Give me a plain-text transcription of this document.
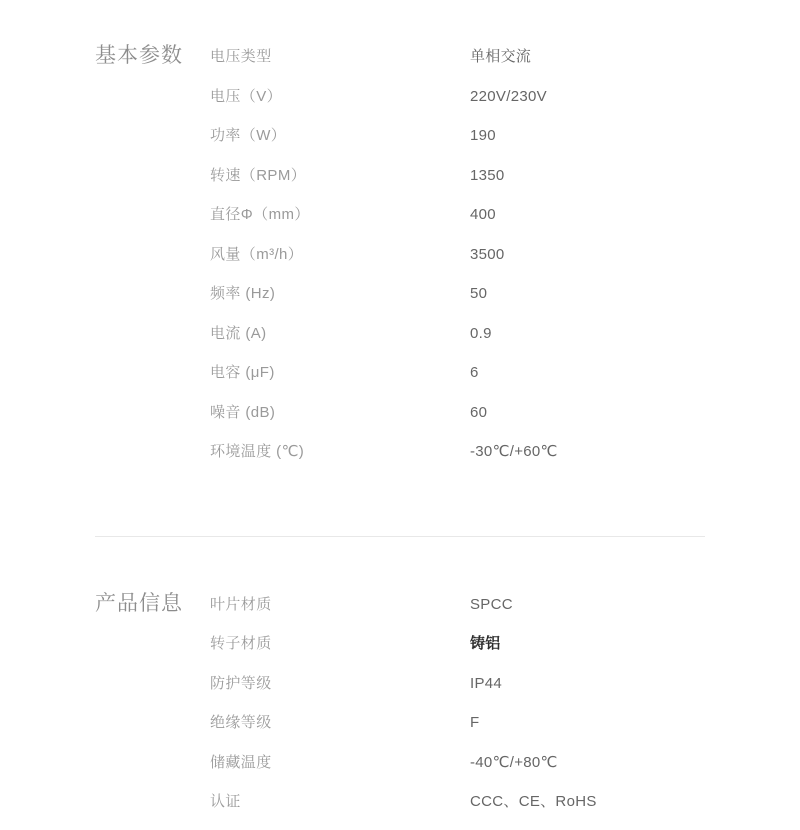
基本参数	电压类型	单相交流
电压（V）	220V/230V
功率（W）	190
转速（RPM）	1350
直径Φ（mm）	400
风量（m³/h）	3500
频率 (Hz)	50
电流 (A)	0.9
电容 (μF)	6
噪音 (dB)	60
环境温度 (℃)	-30℃/+60℃
产品信息	叶片材质	SPCC
转子材质	铸铝
防护等级	IP44
绝缘等级	F
储藏温度	-40℃/+80℃
认证	CCC、CE、RoHS
